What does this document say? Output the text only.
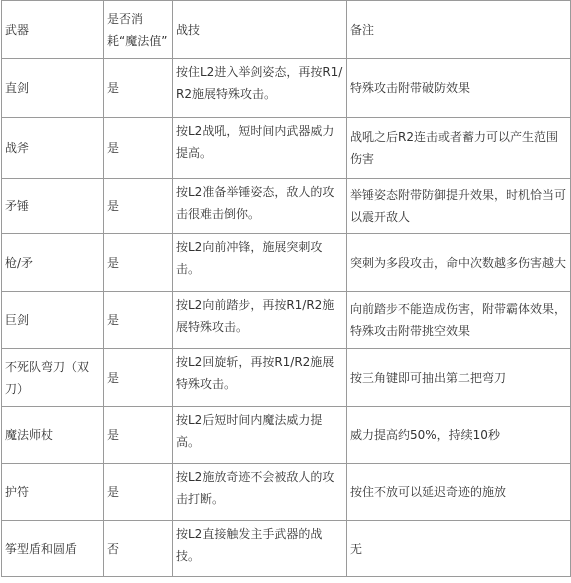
武器	是否消耗“魔法值”	战技	备注
直剑	是	按住L2进入举剑姿态，再按R1/R2施展特殊攻击。	特殊攻击附带破防效果
战斧	是	按L2战吼，短时间内武器威力提高。	战吼之后R2连击或者蓄力可以产生范围伤害
矛锤	是	按L2准备举锤姿态，敌人的攻击很难击倒你。	举锤姿态附带防御提升效果，时机恰当可以震开敌人
枪/矛	是	按L2向前冲锋，施展突刺攻击。	突刺为多段攻击，命中次数越多伤害越大
巨剑	是	按L2向前踏步，再按R1/R2施展特殊攻击。	向前踏步不能造成伤害，附带霸体效果，特殊攻击附带挑空效果
不死队弯刀（双刀）	是	按L2回旋斩，再按R1/R2施展特殊攻击。	按三角键即可抽出第二把弯刀
魔法师杖	是	按L2后短时间内魔法威力提高。	威力提高约50%，持续10秒
护符	是	按L2施放奇迹不会被敌人的攻击打断。	按住不放可以延迟奇迹的施放
筝型盾和圆盾	否	按L2直接触发主手武器的战技。	无
